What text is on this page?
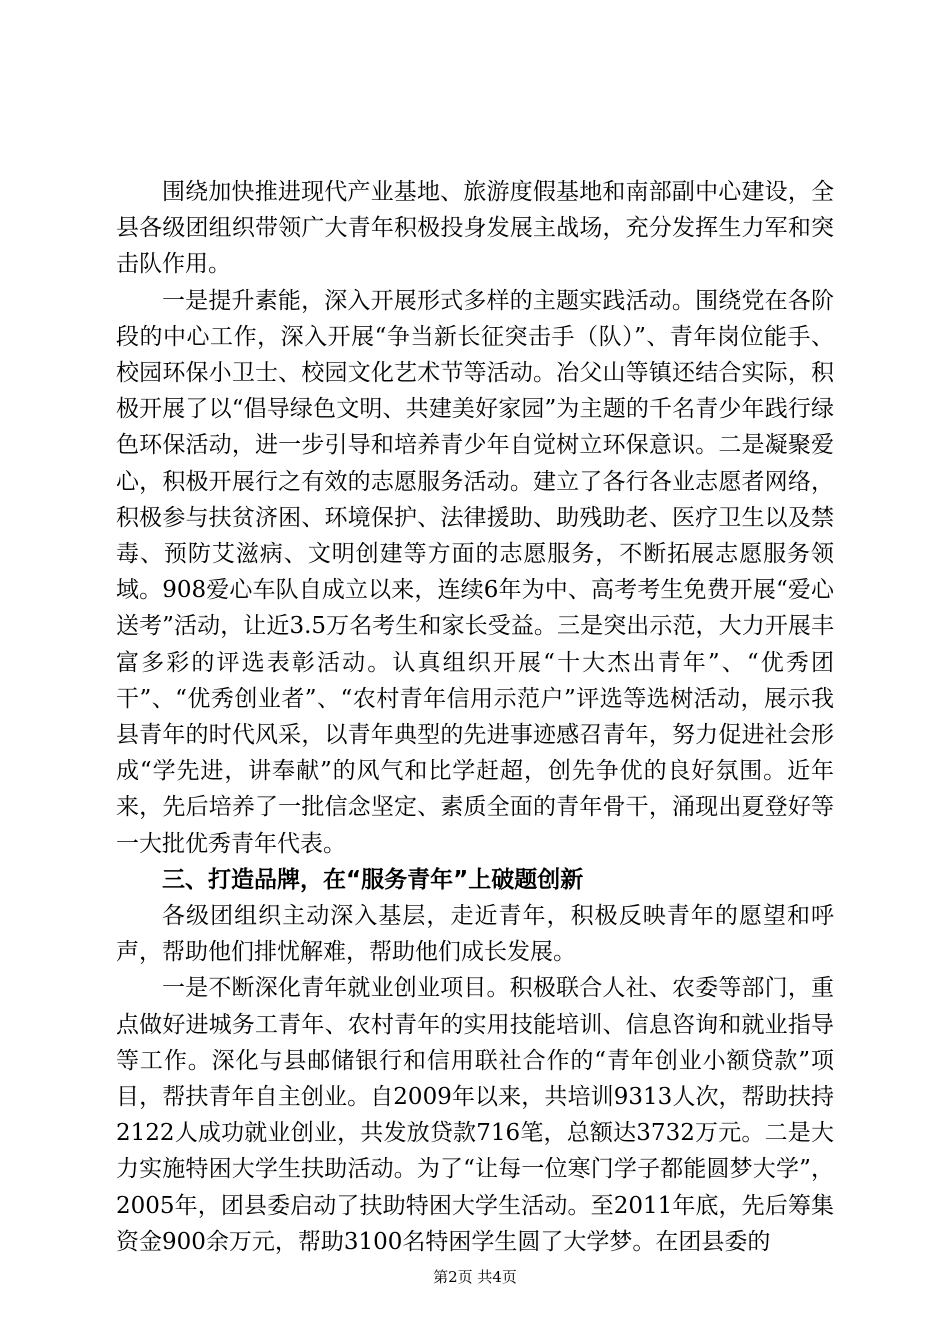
围绕加快推进现代产业基地、旅游度假基地和南部副中心建设，全县各级团组织带领广大青年积极投身发展主战场，充分发挥生力军和突击队作用。

一是提升素能，深入开展形式多样的主题实践活动。围绕党在各阶段的中心工作，深入开展“争当新长征突击手（队）”、青年岗位能手、校园环保小卫士、校园文化艺术节等活动。冶父山等镇还结合实际，积极开展了以“倡导绿色文明、共建美好家园”为主题的千名青少年践行绿色环保活动，进一步引导和培养青少年自觉树立环保意识。二是凝聚爱心，积极开展行之有效的志愿服务活动。建立了各行各业志愿者网络，积极参与扶贫济困、环境保护、法律援助、助残助老、医疗卫生以及禁毒、预防艾滋病、文明创建等方面的志愿服务，不断拓展志愿服务领域。908爱心车队自成立以来，连续6年为中、高考考生免费开展“爱心送考”活动，让近3.5万名考生和家长受益。三是突出示范，大力开展丰富多彩的评选表彰活动。认真组织开展“十大杰出青年”、“优秀团干”、“优秀创业者”、“农村青年信用示范户”评选等选树活动，展示我县青年的时代风采，以青年典型的先进事迹感召青年，努力促进社会形成“学先进，讲奉献”的风气和比学赶超，创先争优的良好氛围。近年来，先后培养了一批信念坚定、素质全面的青年骨干，涌现出夏登好等一大批优秀青年代表。

三、打造品牌，在“服务青年”上破题创新

各级团组织主动深入基层，走近青年，积极反映青年的愿望和呼声，帮助他们排忧解难，帮助他们成长发展。

一是不断深化青年就业创业项目。积极联合人社、农委等部门，重点做好进城务工青年、农村青年的实用技能培训、信息咨询和就业指导等工作。深化与县邮储银行和信用联社合作的“青年创业小额贷款”项目，帮扶青年自主创业。自2009年以来，共培训9313人次，帮助扶持2122人成功就业创业，共发放贷款716笔，总额达3732万元。二是大力实施特困大学生扶助活动。为了“让每一位寒门学子都能圆梦大学”，2005年，团县委启动了扶助特困大学生活动。至2011年底，先后筹集资金900余万元，帮助3100名特困学生圆了大学梦。在团县委的

第2页 共4页
